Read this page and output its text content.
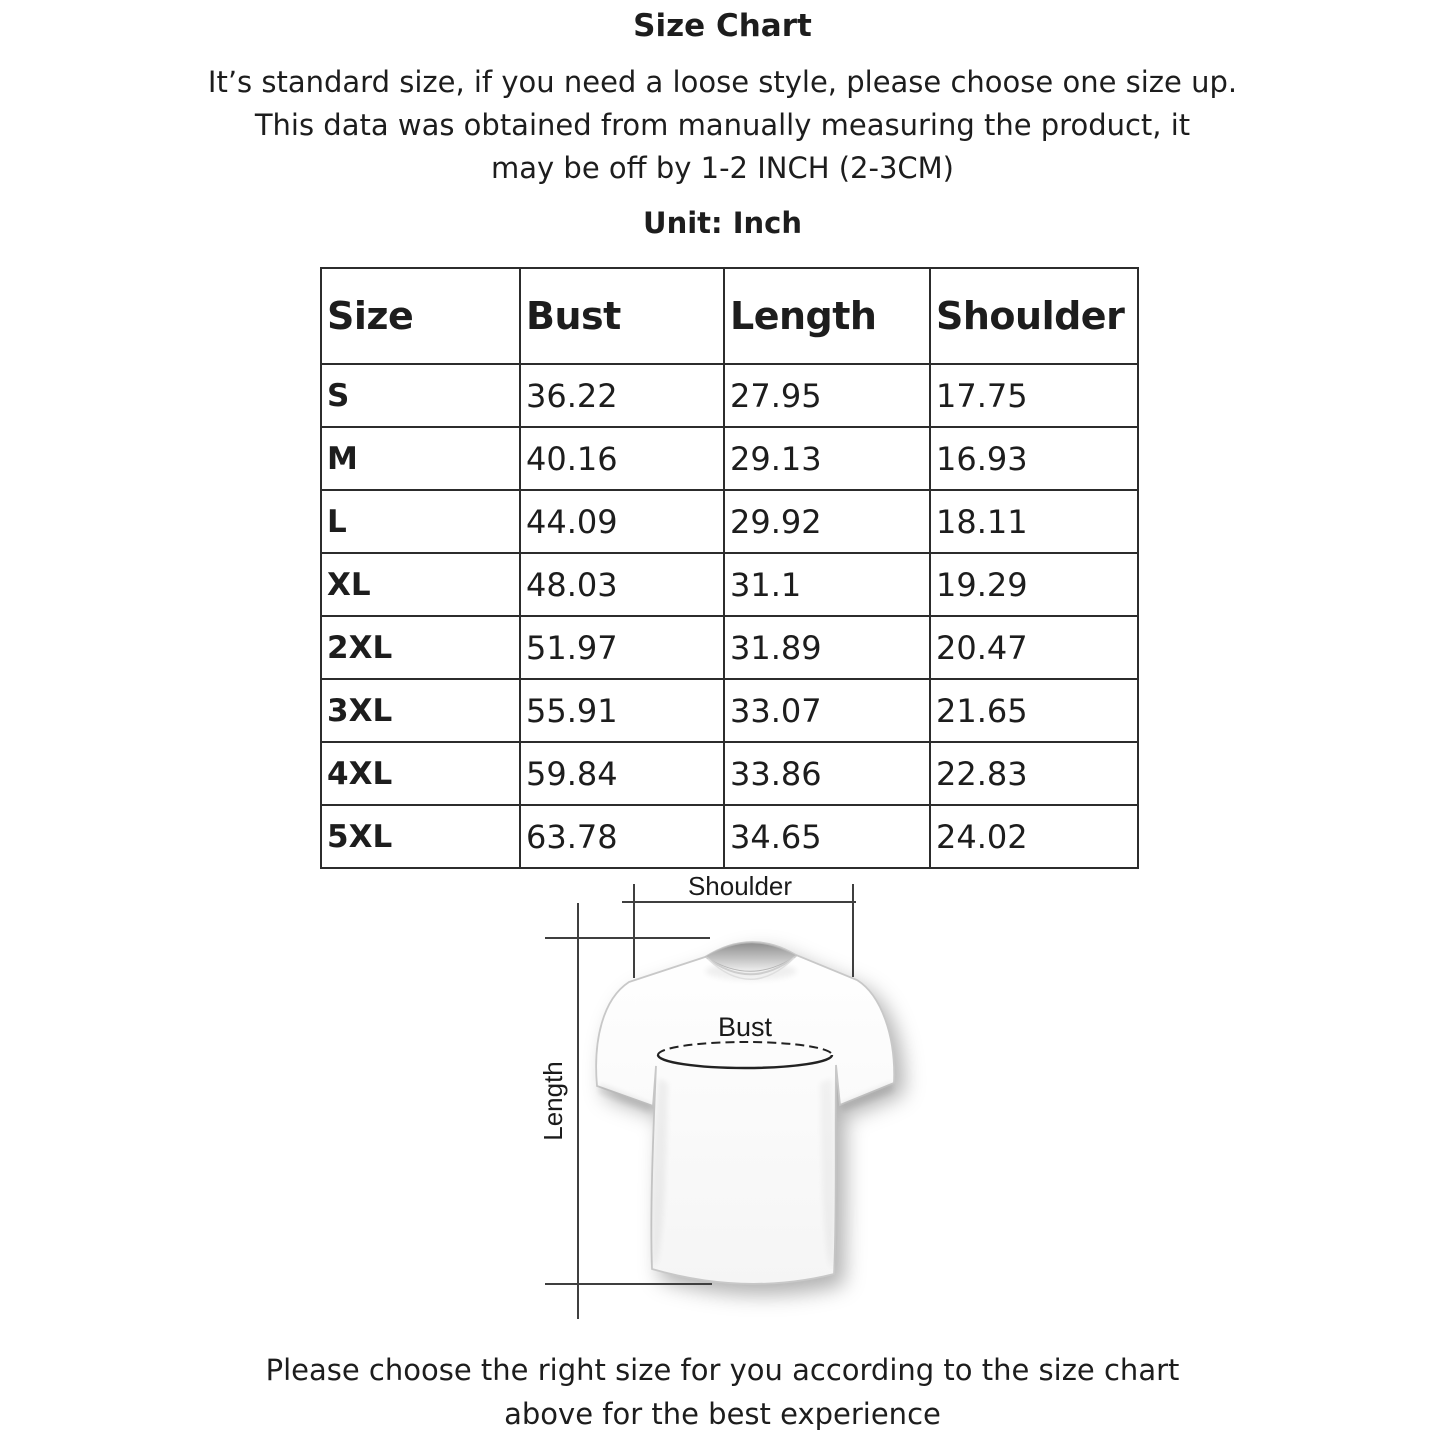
Size Chart
It’s standard size, if you need a loose style, please choose one size up.
This data was obtained from manually measuring the product, it
may be off by 1-2 INCH (2-3CM)
Unit: Inch
Size	Bust	Length	Shoulder
S	36.22	27.95	17.75
M	40.16	29.13	16.93
L	44.09	29.92	18.11
XL	48.03	31.1	19.29
2XL	51.97	31.89	20.47
3XL	55.91	33.07	21.65
4XL	59.84	33.86	22.83
5XL	63.78	34.65	24.02
Shoulder
Length
Bust
Please choose the right size for you according to the size chart
above for the best experience
